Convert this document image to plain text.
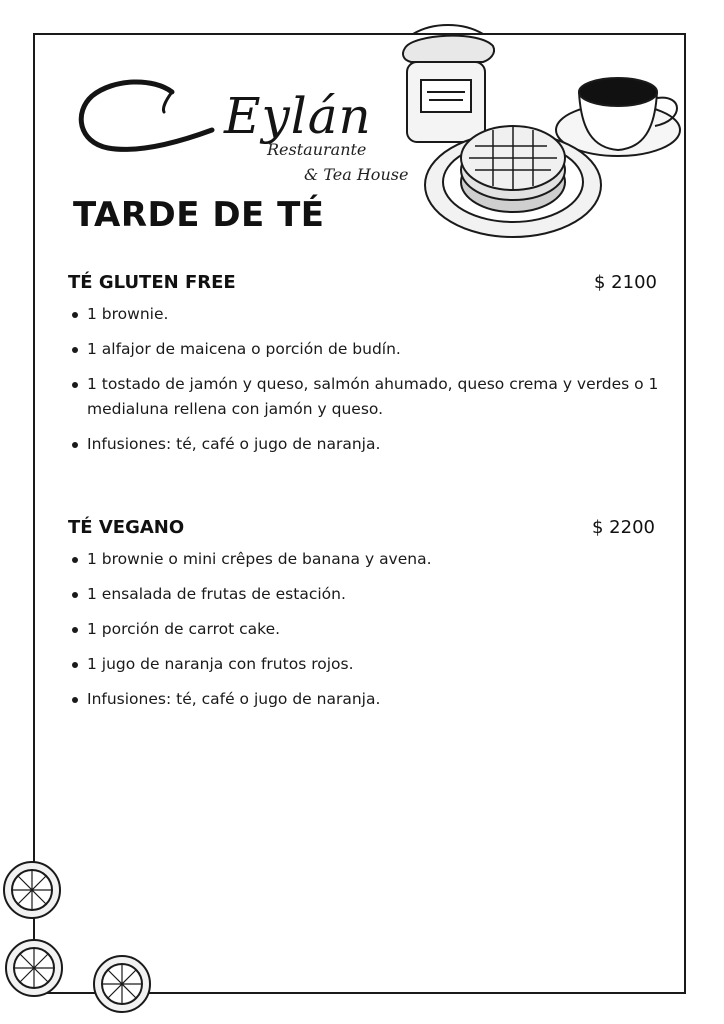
Eylán
Restaurante
& Tea House
TARDE DE TÉ
TÉ GLUTEN FREE	$ 2100
1 brownie.
1 alfajor de maicena o porción de budín.
1 tostado de jamón y queso, salmón ahumado, queso crema y verdes o 1 medialuna rellena con jamón y queso.
Infusiones: té, café o jugo de naranja.
TÉ VEGANO	$ 2200
1 brownie o mini crêpes de banana y avena.
1 ensalada de frutas de estación.
1 porción de carrot cake.
1 jugo de naranja con frutos rojos.
Infusiones: té, café o jugo de naranja.
